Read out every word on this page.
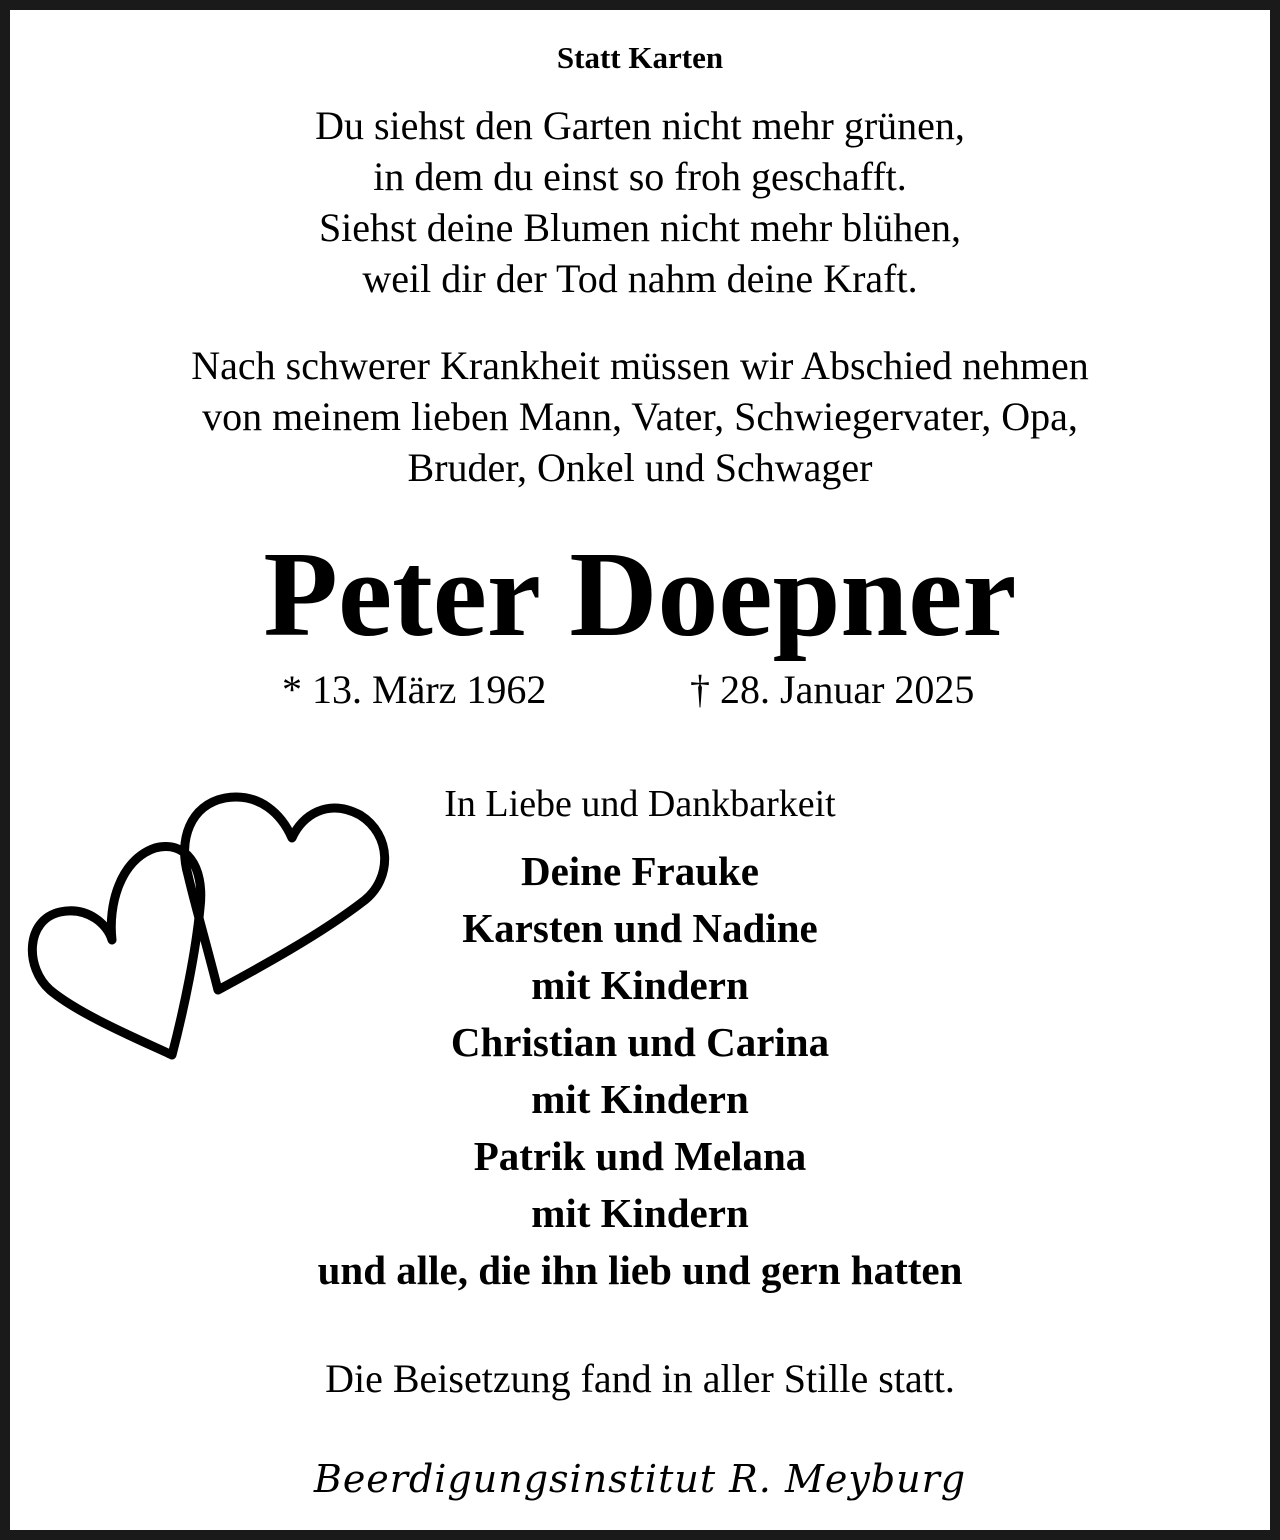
Statt Karten
Du siehst den Garten nicht mehr grünen,
in dem du einst so froh geschafft.
Siehst deine Blumen nicht mehr blühen,
weil dir der Tod nahm deine Kraft.
Nach schwerer Krankheit müssen wir Abschied nehmen
von meinem lieben Mann, Vater, Schwiegervater, Opa,
Bruder, Onkel und Schwager
Peter Doepner
* 13. März 1962	† 28. Januar 2025
In Liebe und Dankbarkeit
Deine Frauke
Karsten und Nadine
mit Kindern
Christian und Carina
mit Kindern
Patrik und Melana
mit Kindern
und alle, die ihn lieb und gern hatten
Die Beisetzung fand in aller Stille statt.
Beerdigungsinstitut R. Meyburg
